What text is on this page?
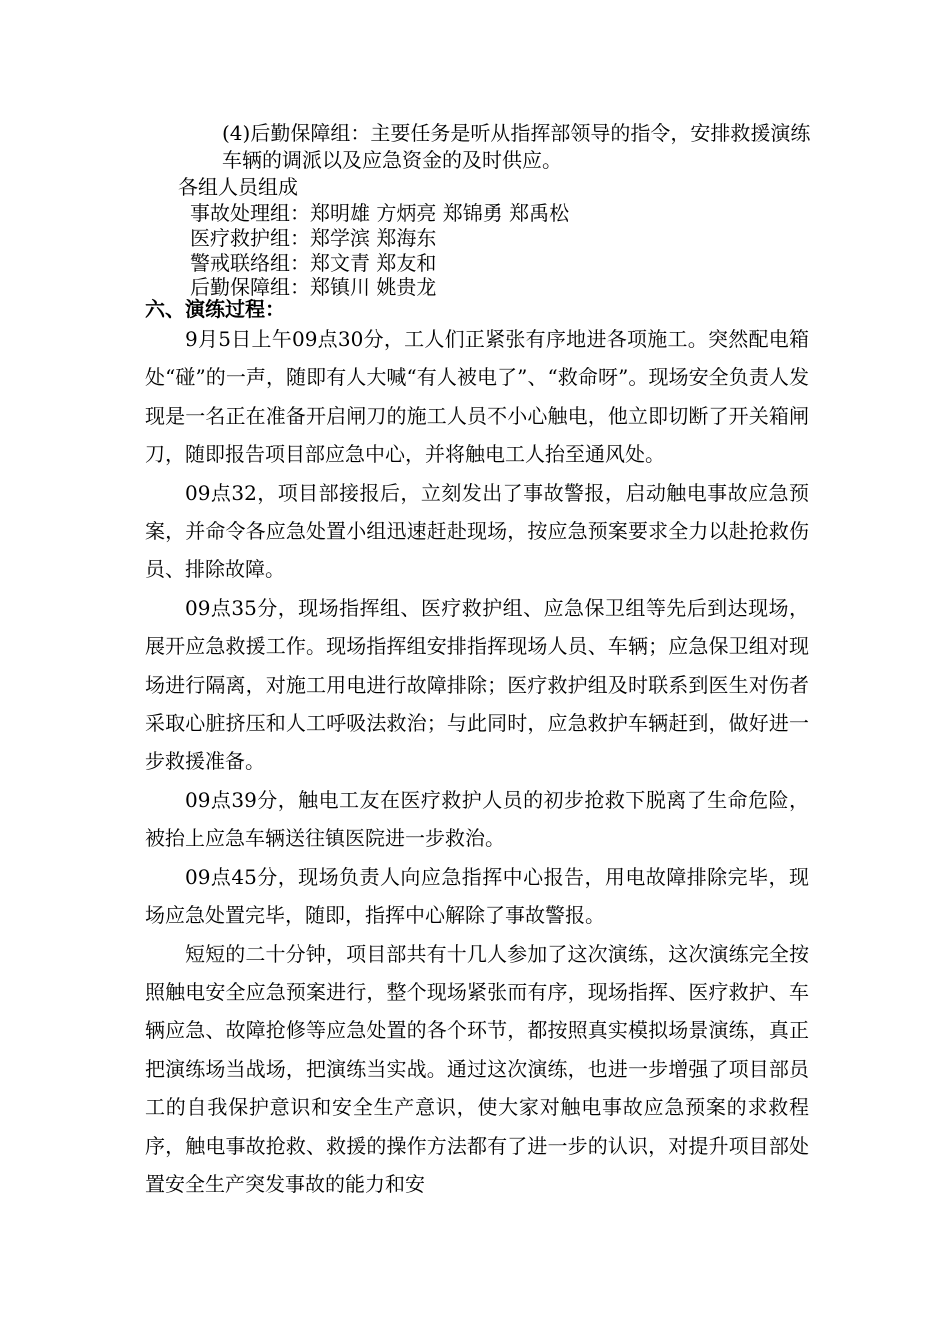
(4)后勤保障组：主要任务是听从指挥部领导的指令，安排救援演练车辆的调派以及应急资金的及时供应。
各组人员组成
事故处理组：郑明雄 方炳亮 郑锦勇 郑禹松
医疗救护组：郑学滨 郑海东
警戒联络组：郑文青 郑友和
后勤保障组：郑镇川 姚贵龙
六、演练过程：

9月5日上午09点30分，工人们正紧张有序地进各项施工。突然配电箱处“碰”的一声，随即有人大喊“有人被电了”、“救命呀”。现场安全负责人发现是一名正在准备开启闸刀的施工人员不小心触电，他立即切断了开关箱闸刀，随即报告项目部应急中心，并将触电工人抬至通风处。

09点32，项目部接报后，立刻发出了事故警报，启动触电事故应急预案，并命令各应急处置小组迅速赶赴现场，按应急预案要求全力以赴抢救伤员、排除故障。

09点35分，现场指挥组、医疗救护组、应急保卫组等先后到达现场，展开应急救援工作。现场指挥组安排指挥现场人员、车辆；应急保卫组对现场进行隔离，对施工用电进行故障排除；医疗救护组及时联系到医生对伤者采取心脏挤压和人工呼吸法救治；与此同时，应急救护车辆赶到，做好进一步救援准备。

09点39分，触电工友在医疗救护人员的初步抢救下脱离了生命危险，被抬上应急车辆送往镇医院进一步救治。

09点45分，现场负责人向应急指挥中心报告，用电故障排除完毕，现场应急处置完毕，随即，指挥中心解除了事故警报。

短短的二十分钟，项目部共有十几人参加了这次演练，这次演练完全按照触电安全应急预案进行，整个现场紧张而有序，现场指挥、医疗救护、车辆应急、故障抢修等应急处置的各个环节，都按照真实模拟场景演练，真正把演练场当战场，把演练当实战。通过这次演练，也进一步增强了项目部员工的自我保护意识和安全生产意识，使大家对触电事故应急预案的求救程序，触电事故抢救、救援的操作方法都有了进一步的认识，对提升项目部处置安全生产突发事故的能力和安
